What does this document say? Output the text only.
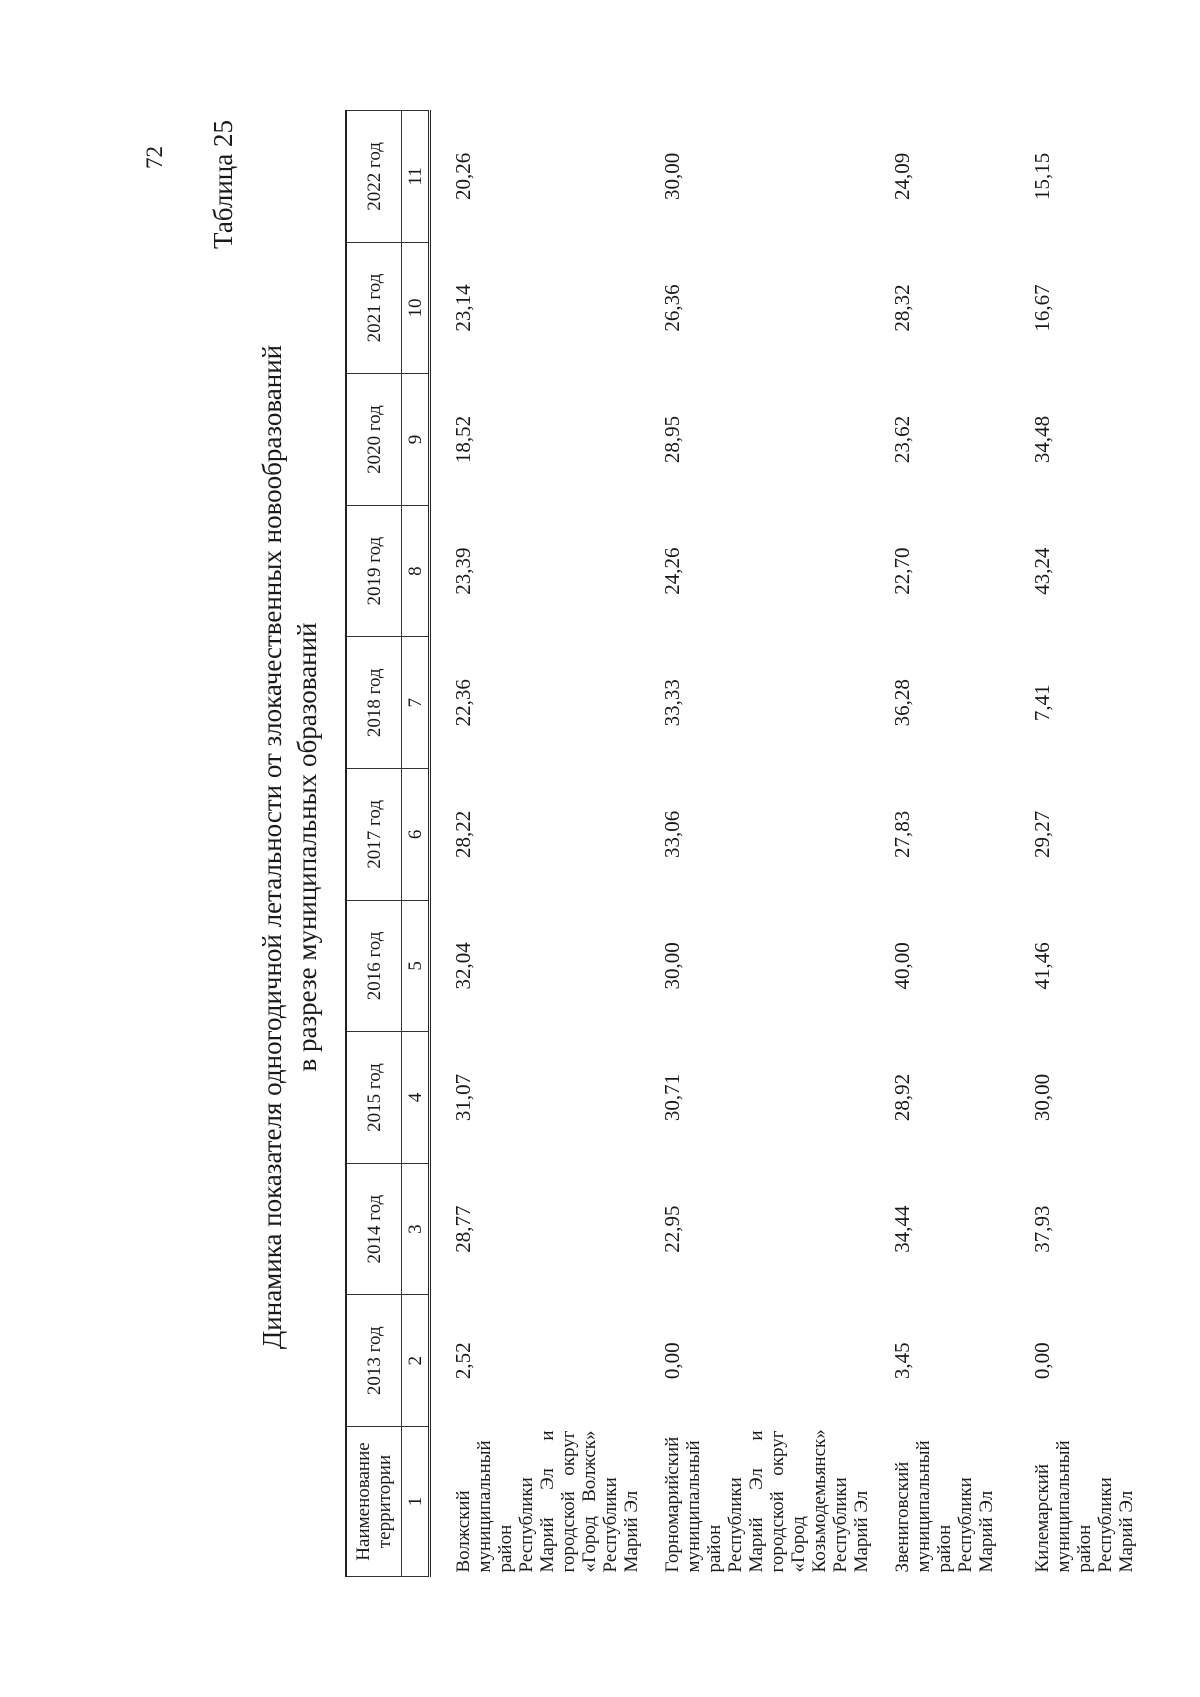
72 Таблица 25
Динамика показателя одногодичной летальности от злокачественных новообразований в разрезе муниципальных образований
Наименование территории	2013 год	2014 год	2015 год	2016 год	2017 год	2018 год	2019 год	2020 год	2021 год	2022 год
1	2	3	4	5	6	7	8	9	10	11
Волжский муниципальный район Республики Марий Эл и городской округ «Город Волжск» Республики Марий Эл	2,52	28,77	31,07	32,04	28,22	22,36	23,39	18,52	23,14	20,26
Горномарийский муниципальный район Республики Марий Эл и городской округ «Город Козьмодемьянск» Республики Марий Эл	0,00	22,95	30,71	30,00	33,06	33,33	24,26	28,95	26,36	30,00
Звениговский муниципальный район Республики Марий Эл	3,45	34,44	28,92	40,00	27,83	36,28	22,70	23,62	28,32	24,09
Килемарский муниципальный район Республики Марий Эл	0,00	37,93	30,00	41,46	29,27	7,41	43,24	34,48	16,67	15,15
